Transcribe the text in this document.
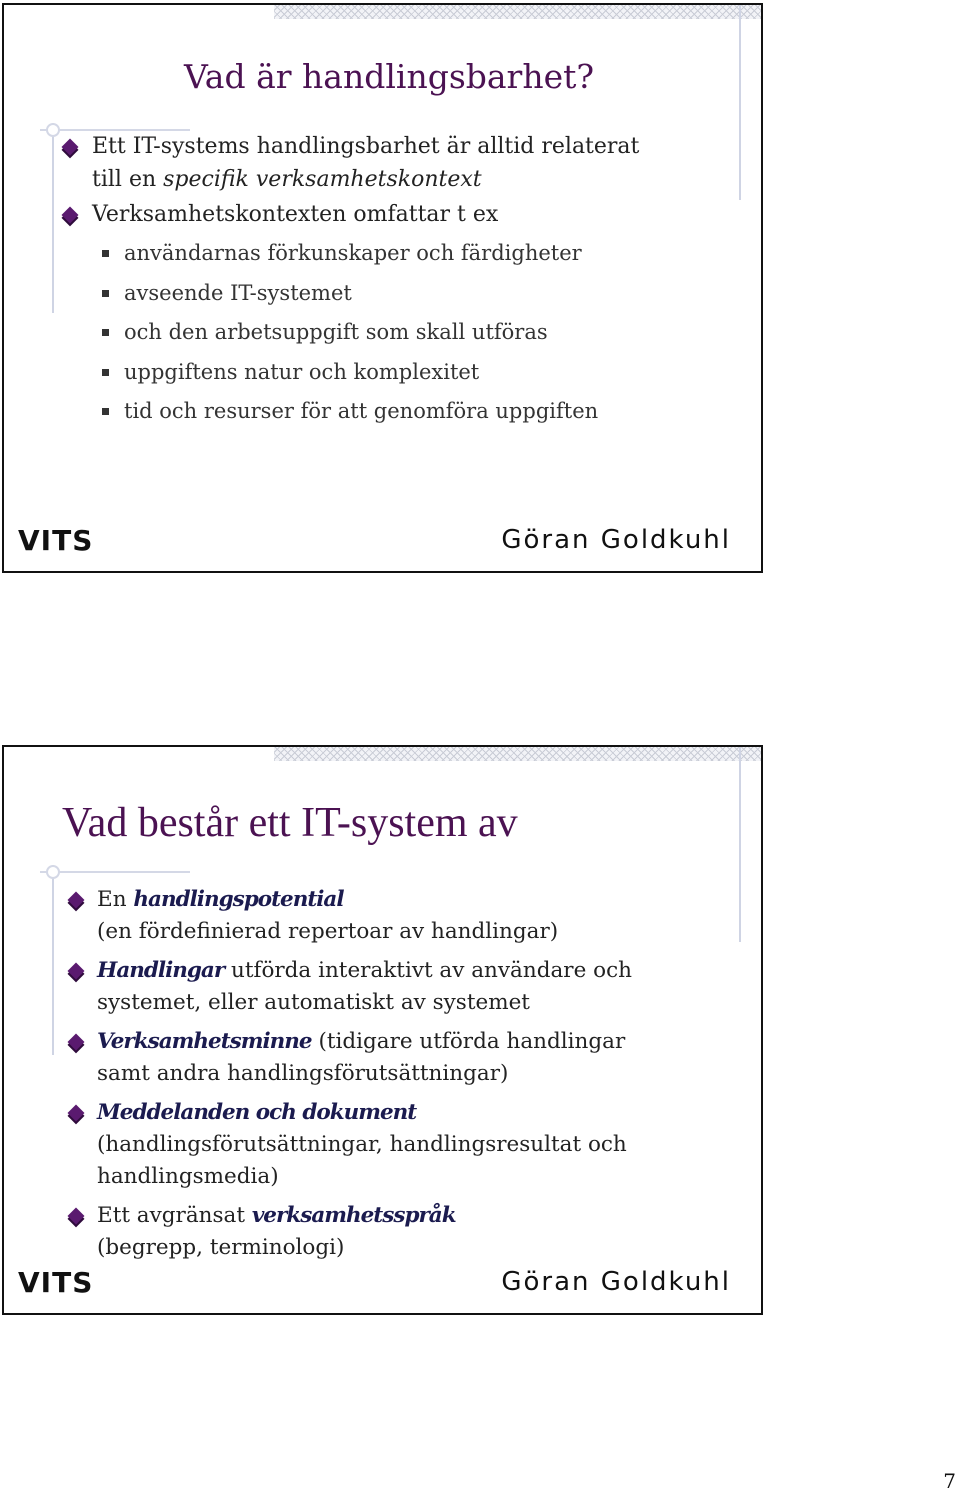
Vad är handlingsbarhet?
Ett IT-systems handlingsbarhet är alltid relaterat
till en specifik verksamhetskontext
Verksamhetskontexten omfattar t ex
användarnas förkunskaper och färdigheter
avseende IT-systemet
och den arbetsuppgift som skall utföras
uppgiftens natur och komplexitet
tid och resurser för att genomföra uppgiften
VITS	Göran Goldkuhl
Vad består ett IT-system av
En handlingspotential
(en fördefinierad repertoar av handlingar)
Handlingar utförda interaktivt av användare och
systemet, eller automatiskt av systemet
Verksamhetsminne (tidigare utförda handlingar
samt andra handlingsförutsättningar)
Meddelanden och dokument
(handlingsförutsättningar, handlingsresultat och
handlingsmedia)
Ett avgränsat verksamhetsspråk
(begrepp, terminologi)
VITS	Göran Goldkuhl
7
